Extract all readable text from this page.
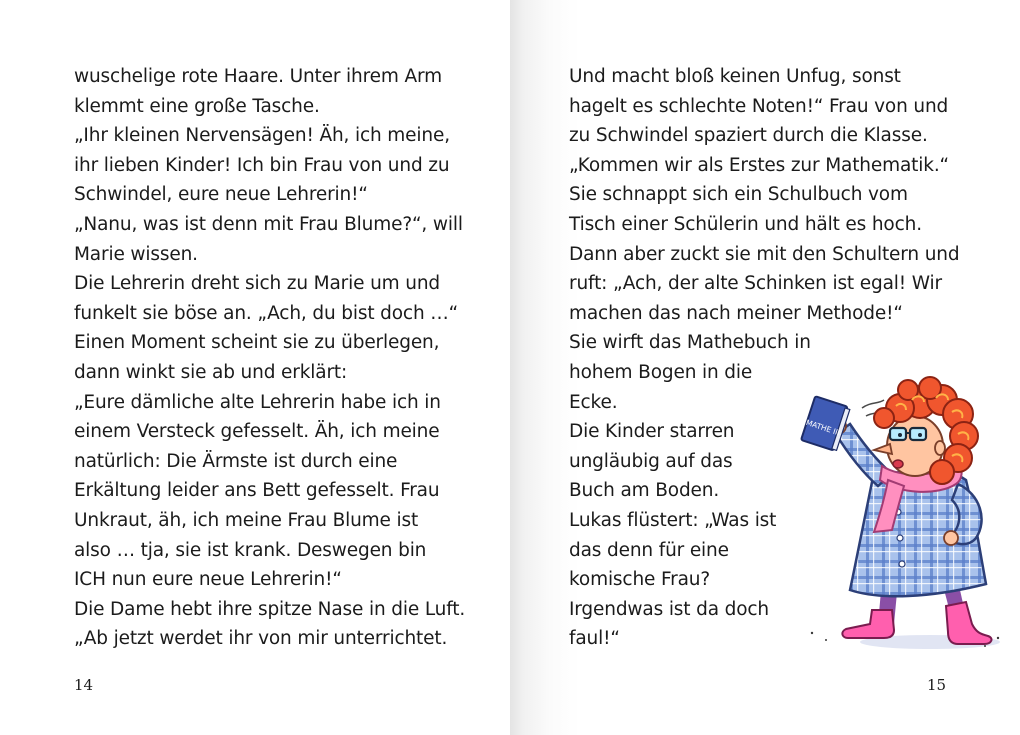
wuschelige rote Haare. Unter ihrem Arm
klemmt eine große Tasche.
„Ihr kleinen Nervensägen! Äh, ich meine,
ihr lieben Kinder! Ich bin Frau von und zu
Schwindel, eure neue Lehrerin!“
„Nanu, was ist denn mit Frau Blume?“, will
Marie wissen.
Die Lehrerin dreht sich zu Marie um und
funkelt sie böse an. „Ach, du bist doch …“
Einen Moment scheint sie zu überlegen,
dann winkt sie ab und erklärt:
„Eure dämliche alte Lehrerin habe ich in
einem Versteck gefesselt. Äh, ich meine
natürlich: Die Ärmste ist durch eine
Erkältung leider ans Bett gefesselt. Frau
Unkraut, äh, ich meine Frau Blume ist
also … tja, sie ist krank. Deswegen bin
ICH nun eure neue Lehrerin!“
Die Dame hebt ihre spitze Nase in die Luft.
„Ab jetzt werdet ihr von mir unterrichtet.
14
Und macht bloß keinen Unfug, sonst
hagelt es schlechte Noten!“ Frau von und
zu Schwindel spaziert durch die Klasse.
„Kommen wir als Erstes zur Mathematik.“
Sie schnappt sich ein Schulbuch vom
Tisch einer Schülerin und hält es hoch.
Dann aber zuckt sie mit den Schultern und
ruft: „Ach, der alte Schinken ist egal! Wir
machen das nach meiner Methode!“
Sie wirft das Mathebuch in
hohem Bogen in die
Ecke.
Die Kinder starren
ungläubig auf das
Buch am Boden.
Lukas flüstert: „Was ist
das denn für eine
komische Frau?
Irgendwas ist da doch
faul!“
MATHE III
15
